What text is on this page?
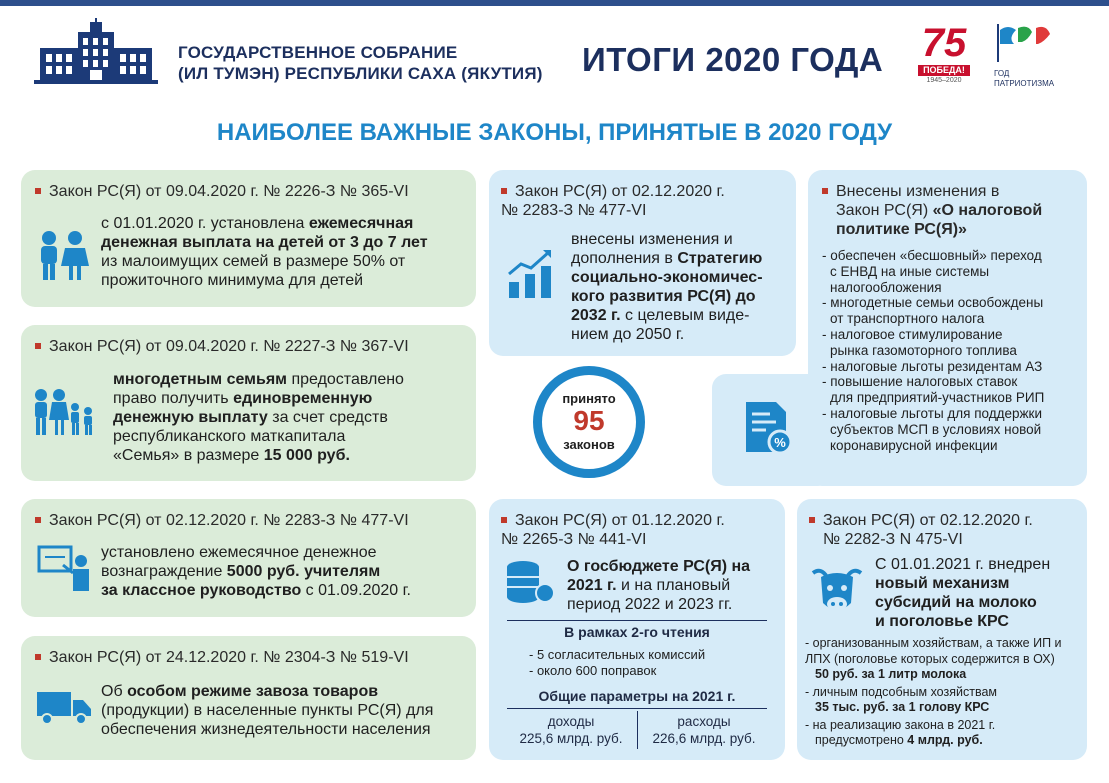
ГОСУДАРСТВЕННОЕ СОБРАНИЕ
(ИЛ ТУМЭН) РЕСПУБЛИКИ САХА (ЯКУТИЯ) ИТОГИ 2020 ГОДА 75
ПОБЕДА!
1945–2020
ГОД
ПАТРИОТИЗМА
НАИБОЛЕЕ ВАЖНЫЕ ЗАКОНЫ, ПРИНЯТЫЕ В 2020 ГОДУ
Закон РС(Я) от 09.04.2020 г. № 2226-З № 365-VI
с 01.01.2020 г. установлена ежемесячная
денежная выплата на детей от 3 до 7 лет
из малоимущих семей в размере 50% от
прожиточного минимума для детей
Закон РС(Я) от 09.04.2020 г. № 2227-З № 367-VI
многодетным семьям предоставлено
право получить единовременную
денежную выплату за счет средств
республиканского маткапитала
«Семья» в размере 15 000 руб.
Закон РС(Я) от 02.12.2020 г. № 2283-З № 477-VI
установлено ежемесячное денежное
вознаграждение 5000 руб. учителям
за классное руководство с 01.09.2020 г.
Закон РС(Я) от 24.12.2020 г. № 2304-З № 519-VI
Об особом режиме завоза товаров
(продукции) в населенные пункты РС(Я) для
обеспечения жизнедеятельности населения
Закон РС(Я) от 02.12.2020 г.
№ 2283-З № 477-VI
внесены изменения и
дополнения в Стратегию
социально-экономичес-
кого развития РС(Я) до
2032 г. с целевым виде-
нием до 2050 г.
принято
95
законов	%
Внесены изменения в
Закон РС(Я) «О налоговой
политике РС(Я)»
- обеспечен «бесшовный» переход
с ЕНВД на иные системы
налогообложения
- многодетные семьи освобождены
от транспортного налога
- налоговое стимулирование
рынка газомоторного топлива
- налоговые льготы резидентам АЗ
- повышение налоговых ставок
для предприятий-участников РИП
- налоговые льготы для поддержки
субъектов МСП в условиях новой
коронавирусной инфекции
Закон РС(Я) от 01.12.2020 г.
№ 2265-З № 441-VI
О госбюджете РС(Я) на
2021 г. и на плановый
период 2022 и 2023 гг.
В рамках 2-го чтения
- 5 согласительных комиссий
- около 600 поправок
Общие параметры на 2021 г.
доходы
225,6 млрд. руб.
расходы
226,6 млрд. руб.
Закон РС(Я) от 02.12.2020 г.
№ 2282-З N 475-VI
С 01.01.2021 г. внедрен
новый механизм
субсидий на молоко
и поголовье КРС
- организованным хозяйствам, а также ИП и
ЛПХ (поголовье которых содержится в ОХ)
50 руб. за 1 литр молока
- личным подсобным хозяйствам
35 тыс. руб. за 1 голову КРС
- на реализацию закона в 2021 г.
предусмотрено 4 млрд. руб.
